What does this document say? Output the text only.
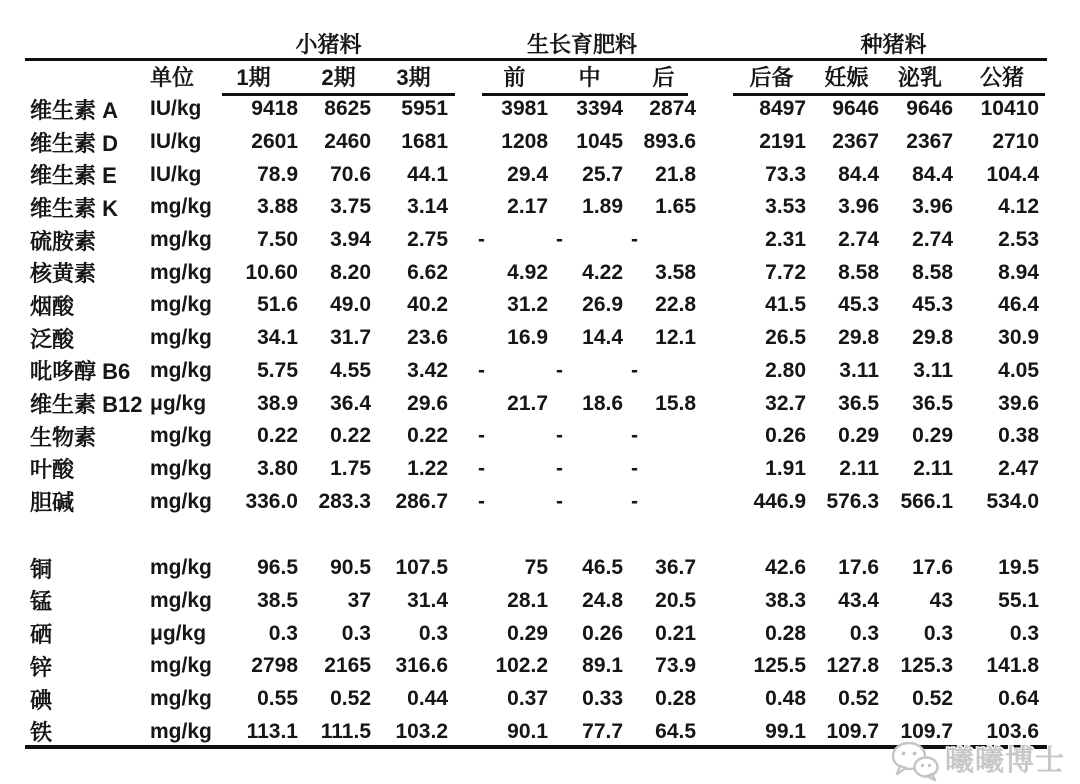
		小猪料			生长育肥料			种猪料			
	单位	1期	2期	3期	前	中	后	后备	妊娠	泌乳	公猪
维生素 A	IU/kg	9418	8625	5951	3981	3394	2874	8497	9646	9646	10410
维生素 D	IU/kg	2601	2460	1681	1208	1045	893.6	2191	2367	2367	2710
维生素 E	IU/kg	78.9	70.6	44.1	29.4	25.7	21.8	73.3	84.4	84.4	104.4
维生素 K	mg/kg	3.88	3.75	3.14	2.17	1.89	1.65	3.53	3.96	3.96	4.12
硫胺素	mg/kg	7.50	3.94	2.75	-	-	-	2.31	2.74	2.74	2.53
核黄素	mg/kg	10.60	8.20	6.62	4.92	4.22	3.58	7.72	8.58	8.58	8.94
烟酸	mg/kg	51.6	49.0	40.2	31.2	26.9	22.8	41.5	45.3	45.3	46.4
泛酸	mg/kg	34.1	31.7	23.6	16.9	14.4	12.1	26.5	29.8	29.8	30.9
吡哆醇 B6	mg/kg	5.75	4.55	3.42	-	-	-	2.80	3.11	3.11	4.05
维生素 B12	μg/kg	38.9	36.4	29.6	21.7	18.6	15.8	32.7	36.5	36.5	39.6
生物素	mg/kg	0.22	0.22	0.22	-	-	-	0.26	0.29	0.29	0.38
叶酸	mg/kg	3.80	1.75	1.22	-	-	-	1.91	2.11	2.11	2.47
胆碱	mg/kg	336.0	283.3	286.7	-	-	-	446.9	576.3	566.1	534.0

铜	mg/kg	96.5	90.5	107.5	75	46.5	36.7	42.6	17.6	17.6	19.5
锰	mg/kg	38.5	37	31.4	28.1	24.8	20.5	38.3	43.4	43	55.1
硒	μg/kg	0.3	0.3	0.3	0.29	0.26	0.21	0.28	0.3	0.3	0.3
锌	mg/kg	2798	2165	316.6	102.2	89.1	73.9	125.5	127.8	125.3	141.8
碘	mg/kg	0.55	0.52	0.44	0.37	0.33	0.28	0.48	0.52	0.52	0.64
铁	mg/kg	113.1	111.5	103.2	90.1	77.7	64.5	99.1	109.7	109.7	103.6
曦曦博士
